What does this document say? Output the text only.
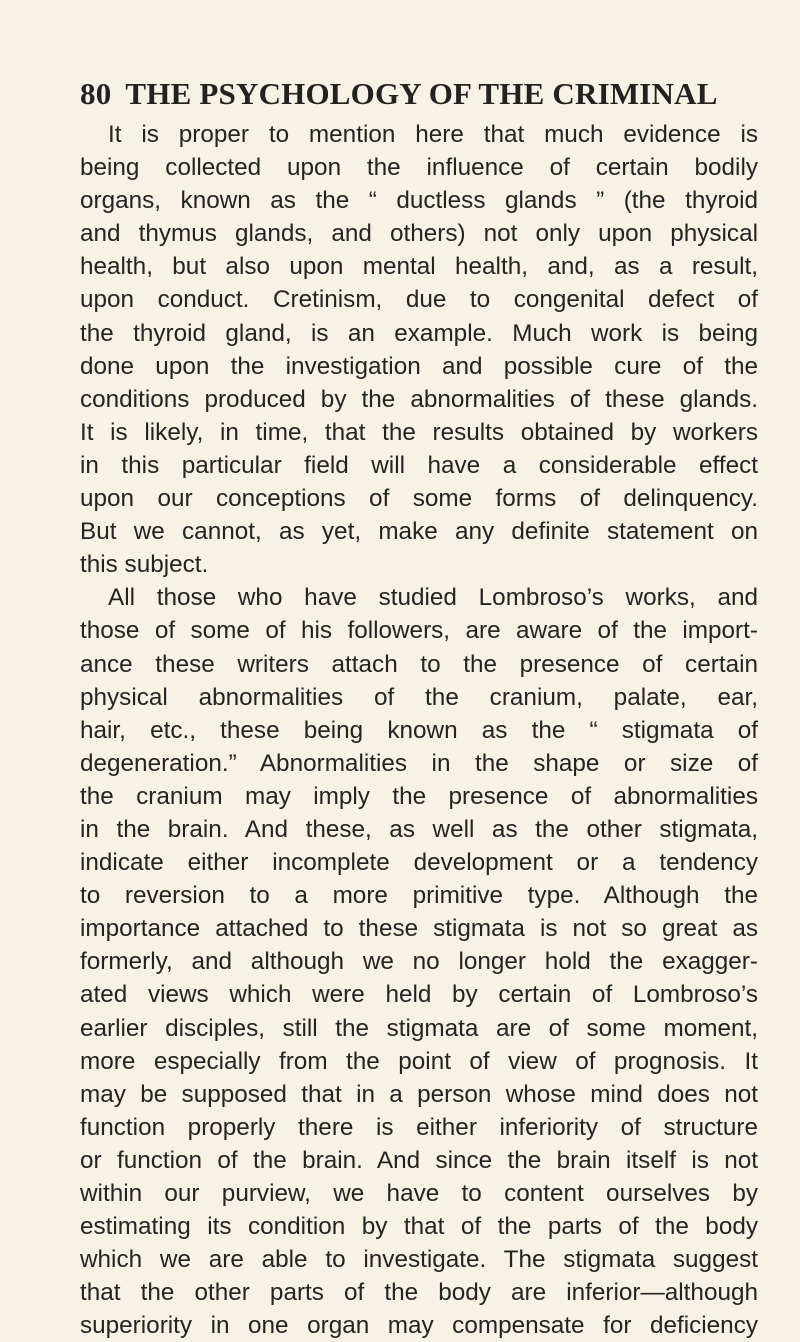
80 THE PSYCHOLOGY OF THE CRIMINAL
It is proper to mention here that much evidence is
being collected upon the influence of certain bodily
organs, known as the “ ductless glands ” (the thyroid
and thymus glands, and others) not only upon physical
health, but also upon mental health, and, as a result,
upon conduct. Cretinism, due to congenital defect of
the thyroid gland, is an example. Much work is being
done upon the investigation and possible cure of the
conditions produced by the abnormalities of these glands.
It is likely, in time, that the results obtained by workers
in this particular field will have a considerable effect
upon our conceptions of some forms of delinquency.
But we cannot, as yet, make any definite statement on
this subject.
All those who have studied Lombroso’s works, and
those of some of his followers, are aware of the import-
ance these writers attach to the presence of certain
physical abnormalities of the cranium, palate, ear,
hair, etc., these being known as the “ stigmata of
degeneration.” Abnormalities in the shape or size of
the cranium may imply the presence of abnormalities
in the brain. And these, as well as the other stigmata,
indicate either incomplete development or a tendency
to reversion to a more primitive type. Although the
importance attached to these stigmata is not so great as
formerly, and although we no longer hold the exagger-
ated views which were held by certain of Lombroso’s
earlier disciples, still the stigmata are of some moment,
more especially from the point of view of prognosis. It
may be supposed that in a person whose mind does not
function properly there is either inferiority of structure
or function of the brain. And since the brain itself is not
within our purview, we have to content ourselves by
estimating its condition by that of the parts of the body
which we are able to investigate. The stigmata suggest
that the other parts of the body are inferior—although
superiority in one organ may compensate for deficiency
